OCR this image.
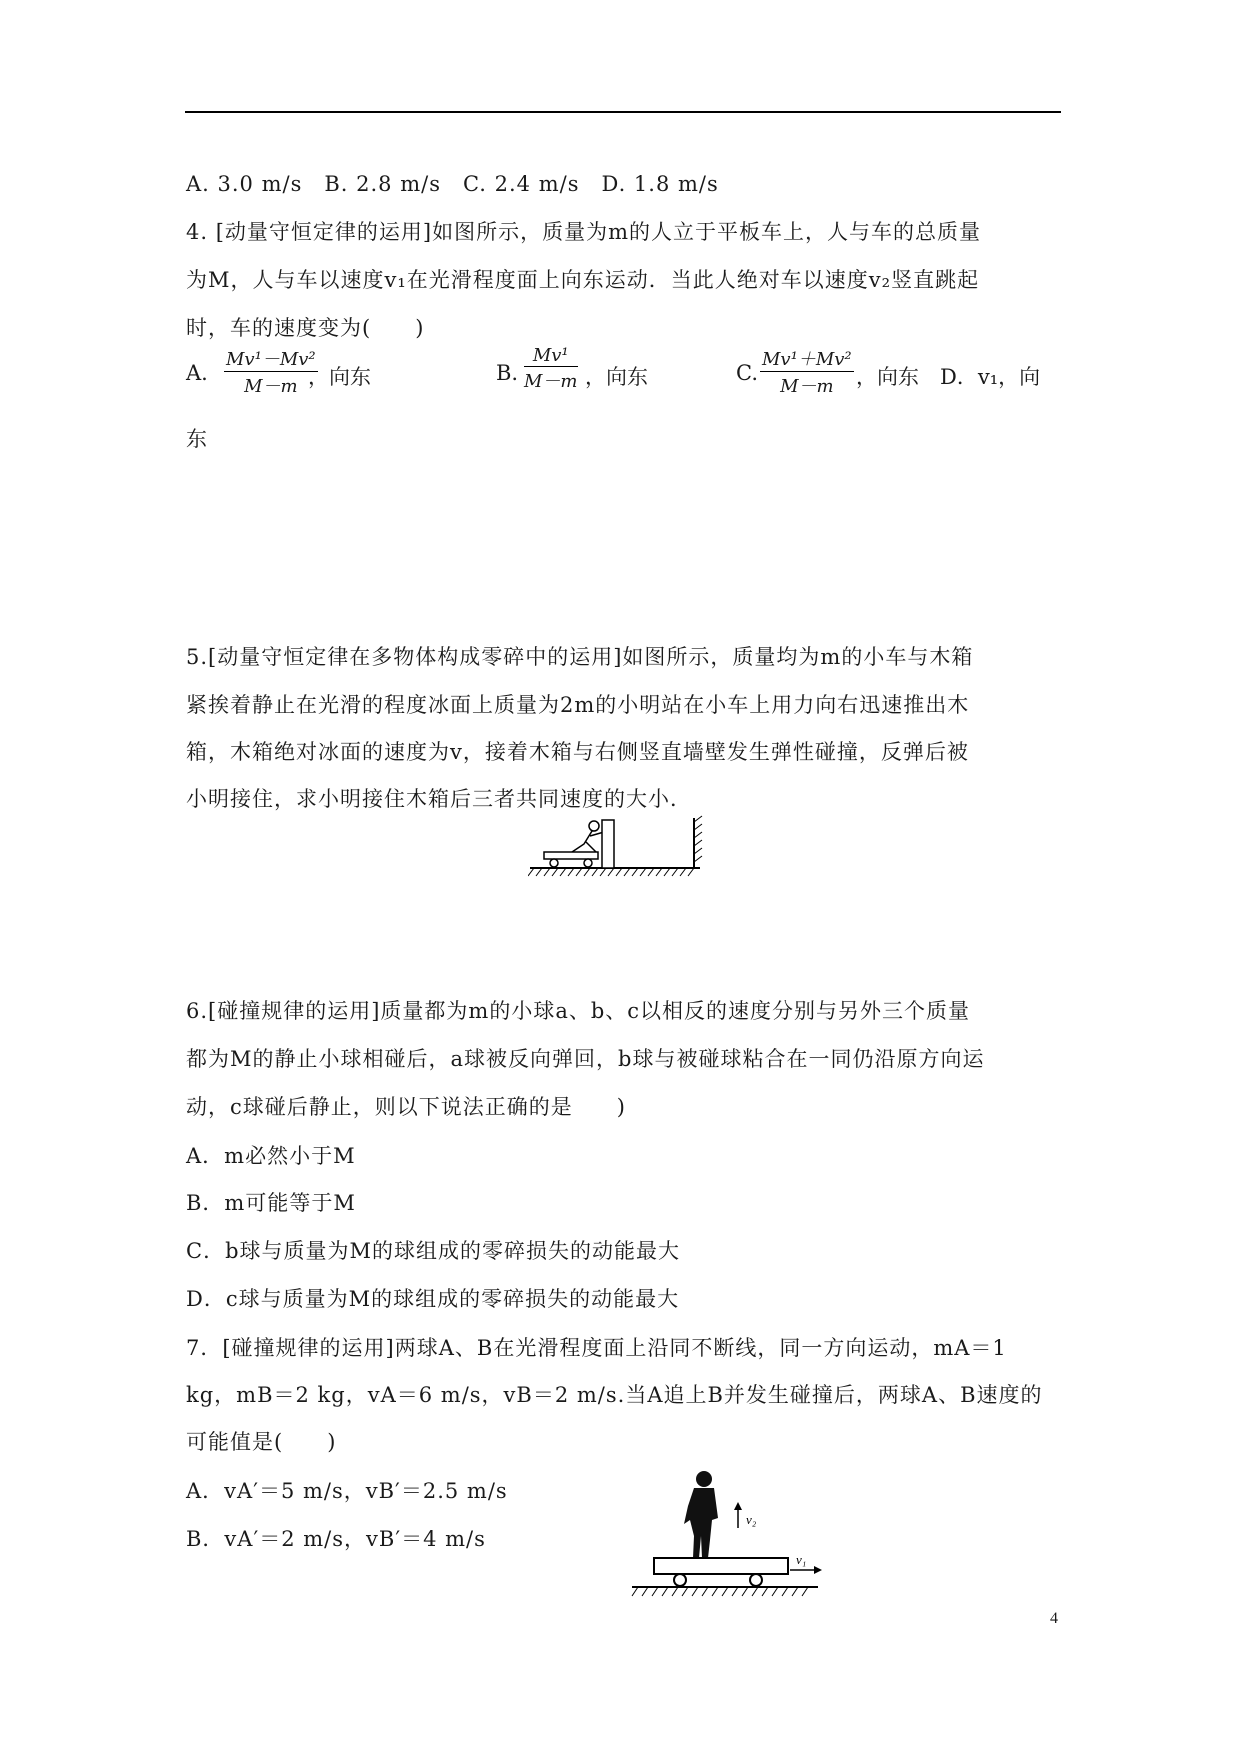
A. 3.0 m/s　B. 2.8 m/s　C. 2.4 m/s　D. 1.8 m/s
4. [动量守恒定律的运用]如图所示，质量为m的人立于平板车上，人与车的总质量
为M，人与车以速度v₁在光滑程度面上向东运动．当此人绝对车以速度v₂竖直跳起
时，车的速度变为(　　)
A. $\frac{\text{Mv¹－Mv²}}{M-m}$
，向东	B. $\frac{\text{Mv¹}}{M-m}$ ，向东	C. $\frac{\text{Mv¹＋Mv²}}{M-m}$ ，向东 D．v₁，向
东
5.[动量守恒定律在多物体构成零碎中的运用]如图所示，质量均为m的小车与木箱
紧挨着静止在光滑的程度冰面上质量为2m的小明站在小车上用力向右迅速推出木
箱，木箱绝对冰面的速度为v，接着木箱与右侧竖直墙壁发生弹性碰撞，反弹后被
小明接住，求小明接住木箱后三者共同速度的大小．
6.[碰撞规律的运用]质量都为m的小球a、b、c以相反的速度分别与另外三个质量
都为M的静止小球相碰后，a球被反向弹回，b球与被碰球粘合在一同仍沿原方向运
动，c球碰后静止，则以下说法正确的是　　)
A．m必然小于M
B．m可能等于M
C．b球与质量为M的球组成的零碎损失的动能最大
D．c球与质量为M的球组成的零碎损失的动能最大
7．[碰撞规律的运用]两球A、B在光滑程度面上沿同不断线，同一方向运动，mA＝1
kg，mB＝2 kg，vA＝6 m/s，vB＝2 m/s.当A追上B并发生碰撞后，两球A、B速度的
可能值是(　　)
A．vA′＝5 m/s，vB′＝2.5 m/s
B．vA′＝2 m/s，vB′＝4 m/s
v₂
v₁
4
